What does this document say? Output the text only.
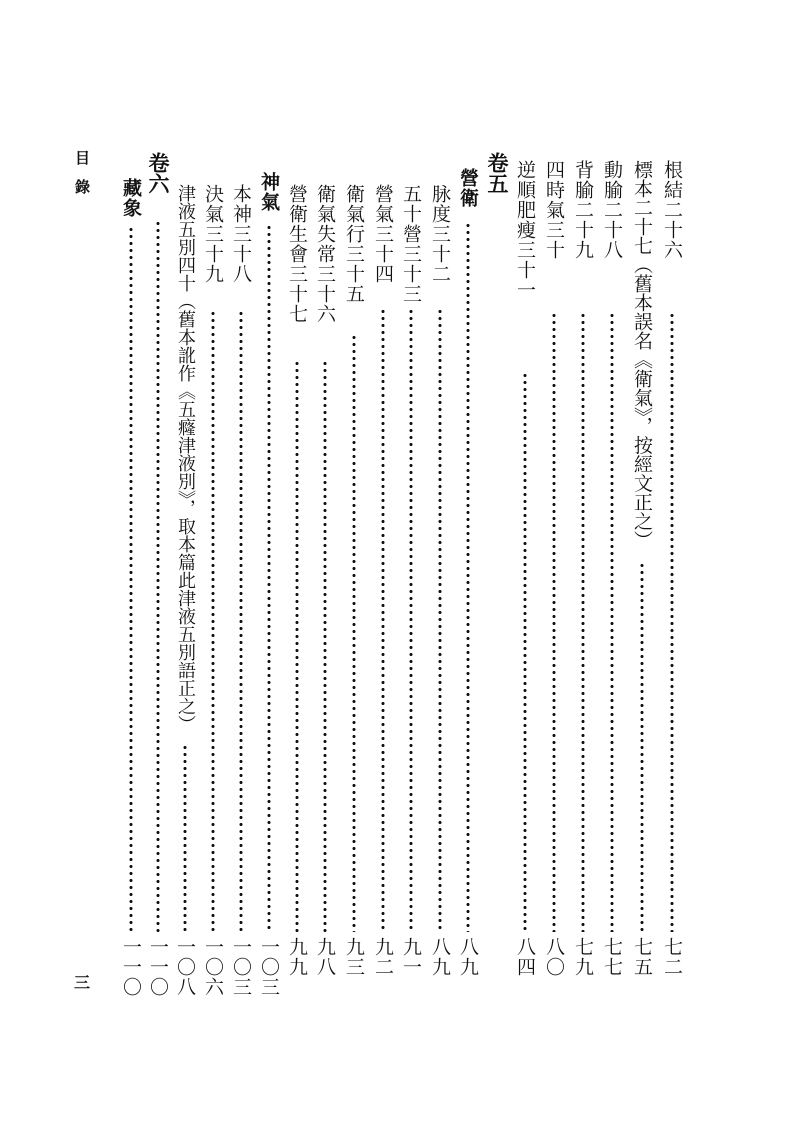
目錄
三
根結二十六
七二
標本二十七（舊本誤名《衛氣》，按經文正之）
七五
動腧二十八
七七
背腧二十九
七九
四時氣三十
八〇
逆順肥瘦三十一
八四
卷五
營衛
八九
脉度三十二
八九
五十營三十三
九一
營氣三十四
九二
衛氣行三十五
九三
衛氣失常三十六
九八
營衛生會三十七
九九
神氣
一〇三
本神三十八
一〇三
決氣三十九
一〇六
津液五別四十（舊本訛作《五癃津液別》，取本篇此津液五別語正之）
一〇八
卷六
一一〇
藏象
一一〇
